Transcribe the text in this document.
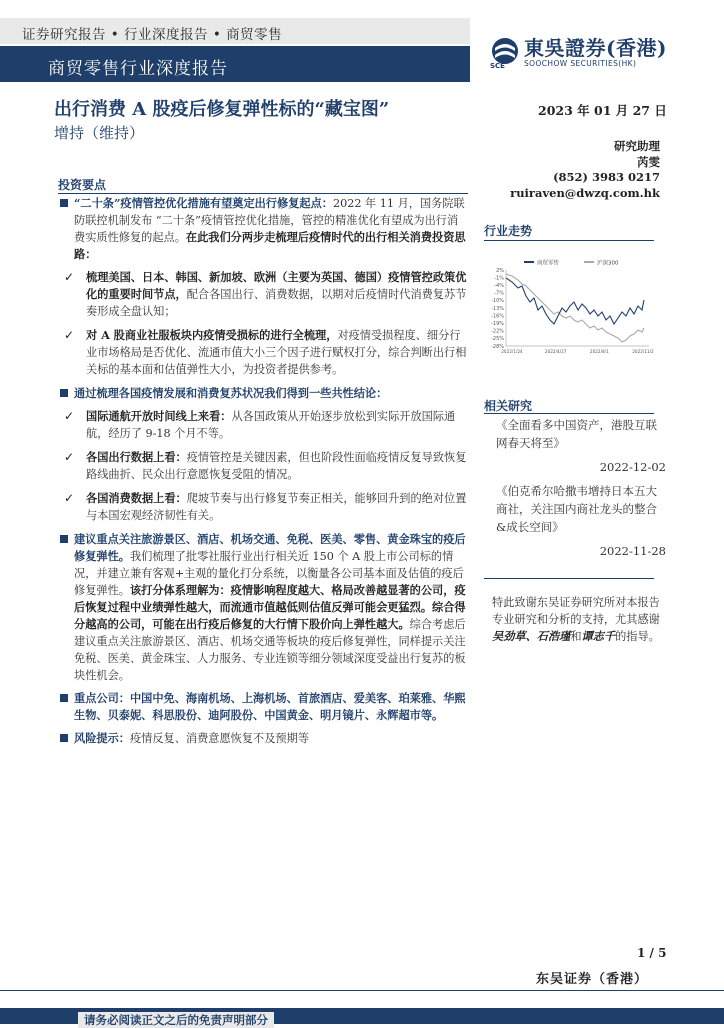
证券研究报告 • 行业深度报告 • 商贸零售
商贸零售行业深度报告	SCE
東吳證券(香港)
SOOCHOW SECURITIES(HK)
出行消费 A 股疫后修复弹性标的“藏宝图”
增持（维持）
2023 年 01 月 27 日
研究助理
芮雯
(852) 3983 0217
ruiraven@dwzq.com.hk
投资要点

“二十条”疫情管控优化措施有望奠定出行修复起点：2022 年 11 月，国务院联防联控机制发布 “二十条”疫情管控优化措施，管控的精准优化有望成为出行消费实质性修复的起点。在此我们分两步走梳理后疫情时代的出行相关消费投资思路：

✓ 梳理美国、日本、韩国、新加坡、欧洲（主要为英国、德国）疫情管控政策优化的重要时间节点，配合各国出行、消费数据，以期对后疫情时代消费复苏节奏形成全盘认知；

✓ 对 A 股商业社服板块内疫情受损标的进行全梳理，对疫情受损程度、细分行业市场格局是否优化、流通市值大小三个因子进行赋权打分，综合判断出行相关标的基本面和估值弹性大小，为投资者提供参考。

通过梳理各国疫情发展和消费复苏状况我们得到一些共性结论：

✓ 国际通航开放时间线上来看：从各国政策从开始逐步放松到实际开放国际通航，经历了 9-18 个月不等。

✓ 各国出行数据上看：疫情管控是关键因素，但也阶段性面临疫情反复导致恢复路线曲折、民众出行意愿恢复受阻的情况。

✓ 各国消费数据上看：爬坡节奏与出行修复节奏正相关，能够回升到的绝对位置与本国宏观经济韧性有关。

建议重点关注旅游景区、酒店、机场交通、免税、医美、零售、黄金珠宝的疫后修复弹性。我们梳理了批零社服行业出行相关近 150 个 A 股上市公司标的情况，并建立兼有客观+主观的量化打分系统，以衡量各公司基本面及估值的疫后修复弹性。该打分体系理解为：疫情影响程度越大、格局改善越显著的公司，疫后恢复过程中业绩弹性越大，而流通市值越低则估值反弹可能会更猛烈。综合得分越高的公司，可能在出行疫后修复的大行情下股价向上弹性越大。综合考虑后建议重点关注旅游景区、酒店、机场交通等板块的疫后修复弹性，同样提示关注免税、医美、黄金珠宝、人力服务、专业连锁等细分领域深度受益出行复苏的板块性机会。

重点公司：中国中免、海南机场、上海机场、首旅酒店、爱美客、珀莱雅、华熙生物、贝泰妮、科思股份、迪阿股份、中国黄金、明月镜片、永辉超市等。

风险提示：疫情反复、消费意愿恢复不及预期等

行业走势
商贸零售	沪深300
2%
-1%
-4%
-7%
-10%
-13%
-16%
-19%
-22%
-25%
-28%
2022/1/24	2022/4/27	2022/8/1	2022/11/2
相关研究
《全面看多中国资产，港股互联网春天将至》
2022-12-02
《伯克希尔哈撒韦增持日本五大商社，关注国内商社龙头的整合&成长空间》
2022-11-28
特此致谢东吴证券研究所对本报告专业研究和分析的支持，尤其感谢吴劲草、石浩瑾和谭志千的指导。
1 / 5
东吴证券（香港）
请务必阅读正文之后的免责声明部分
